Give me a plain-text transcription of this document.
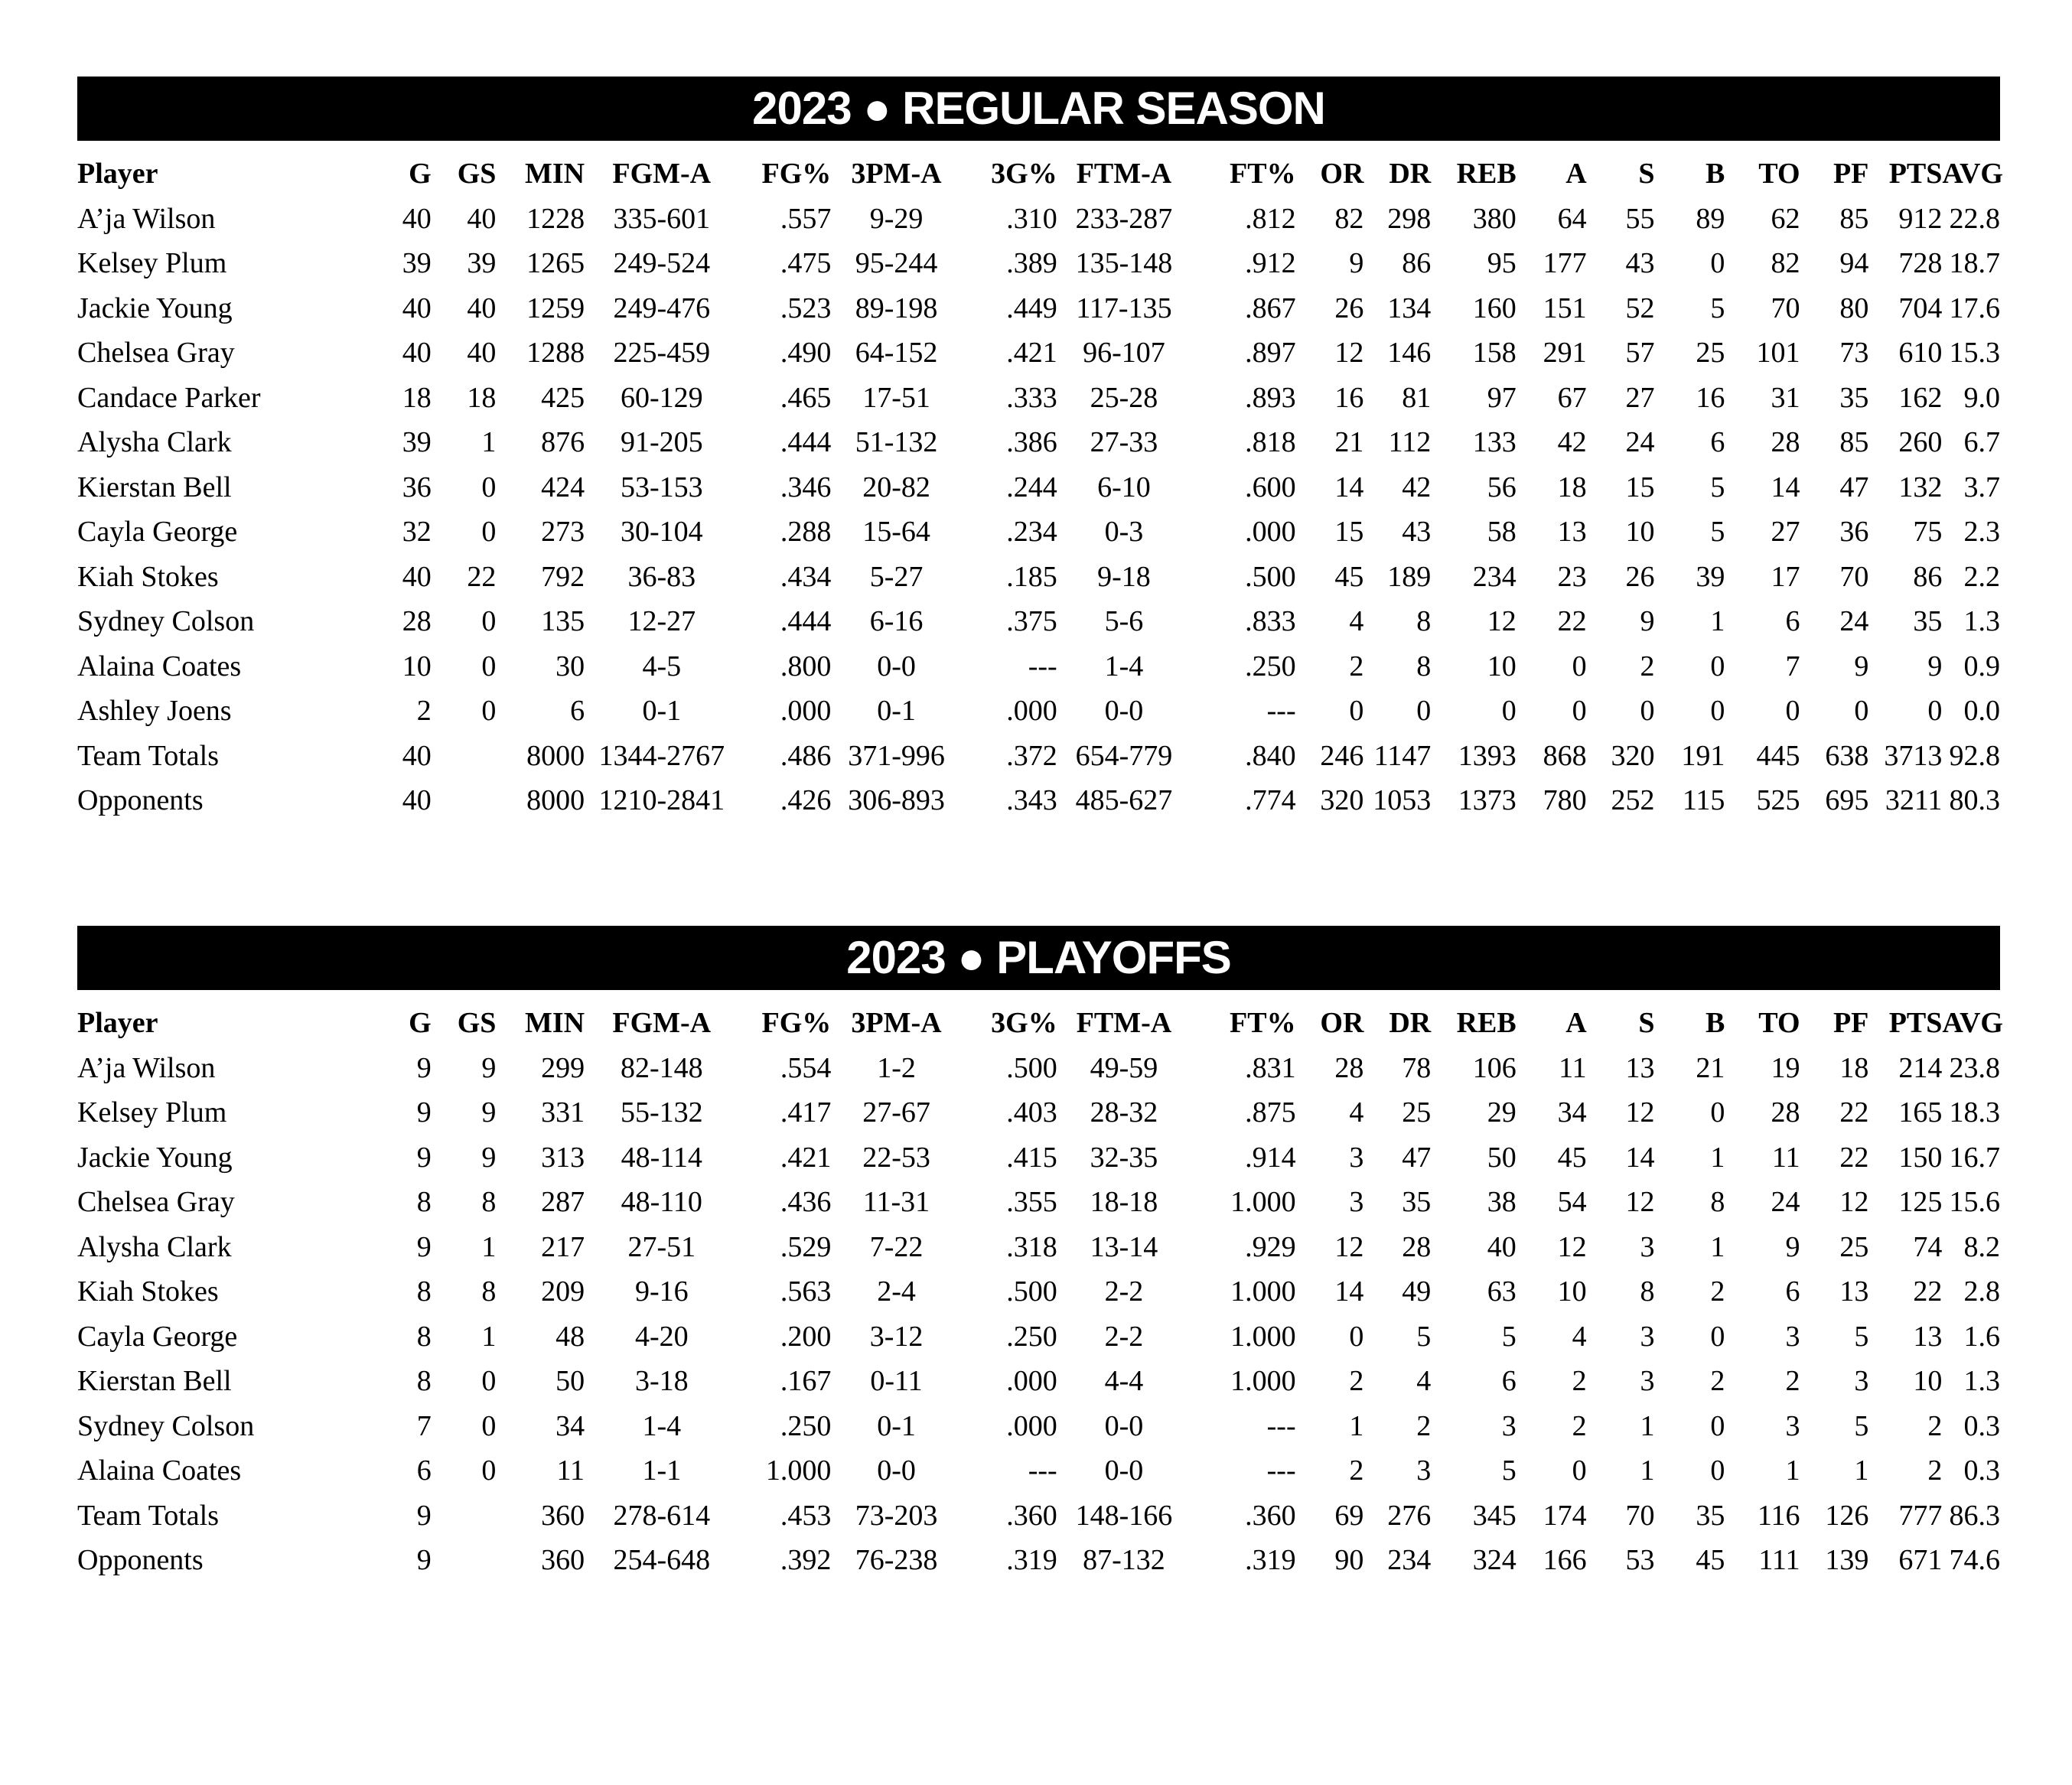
2023 ● REGULAR SEASON
Player	G	GS	MIN	FGM-A	FG%	3PM-A	3G%	FTM-A	FT%	OR	DR	REB	A	S	B	TO	PF	PTS	AVG
A’ja Wilson	40	40	1228	335-601	.557	9-29	.310	233-287	.812	82	298	380	64	55	89	62	85	912	22.8
Kelsey Plum	39	39	1265	249-524	.475	95-244	.389	135-148	.912	9	86	95	177	43	0	82	94	728	18.7
Jackie Young	40	40	1259	249-476	.523	89-198	.449	117-135	.867	26	134	160	151	52	5	70	80	704	17.6
Chelsea Gray	40	40	1288	225-459	.490	64-152	.421	96-107	.897	12	146	158	291	57	25	101	73	610	15.3
Candace Parker	18	18	425	60-129	.465	17-51	.333	25-28	.893	16	81	97	67	27	16	31	35	162	9.0
Alysha Clark	39	1	876	91-205	.444	51-132	.386	27-33	.818	21	112	133	42	24	6	28	85	260	6.7
Kierstan Bell	36	0	424	53-153	.346	20-82	.244	6-10	.600	14	42	56	18	15	5	14	47	132	3.7
Cayla George	32	0	273	30-104	.288	15-64	.234	0-3	.000	15	43	58	13	10	5	27	36	75	2.3
Kiah Stokes	40	22	792	36-83	.434	5-27	.185	9-18	.500	45	189	234	23	26	39	17	70	86	2.2
Sydney Colson	28	0	135	12-27	.444	6-16	.375	5-6	.833	4	8	12	22	9	1	6	24	35	1.3
Alaina Coates	10	0	30	4-5	.800	0-0	---	1-4	.250	2	8	10	0	2	0	7	9	9	0.9
Ashley Joens	2	0	6	0-1	.000	0-1	.000	0-0	---	0	0	0	0	0	0	0	0	0	0.0
Team Totals	40		8000	1344-2767	.486	371-996	.372	654-779	.840	246	1147	1393	868	320	191	445	638	3713	92.8
Opponents	40		8000	1210-2841	.426	306-893	.343	485-627	.774	320	1053	1373	780	252	115	525	695	3211	80.3
2023 ● PLAYOFFS
Player	G	GS	MIN	FGM-A	FG%	3PM-A	3G%	FTM-A	FT%	OR	DR	REB	A	S	B	TO	PF	PTS	AVG
A’ja Wilson	9	9	299	82-148	.554	1-2	.500	49-59	.831	28	78	106	11	13	21	19	18	214	23.8
Kelsey Plum	9	9	331	55-132	.417	27-67	.403	28-32	.875	4	25	29	34	12	0	28	22	165	18.3
Jackie Young	9	9	313	48-114	.421	22-53	.415	32-35	.914	3	47	50	45	14	1	11	22	150	16.7
Chelsea Gray	8	8	287	48-110	.436	11-31	.355	18-18	1.000	3	35	38	54	12	8	24	12	125	15.6
Alysha Clark	9	1	217	27-51	.529	7-22	.318	13-14	.929	12	28	40	12	3	1	9	25	74	8.2
Kiah Stokes	8	8	209	9-16	.563	2-4	.500	2-2	1.000	14	49	63	10	8	2	6	13	22	2.8
Cayla George	8	1	48	4-20	.200	3-12	.250	2-2	1.000	0	5	5	4	3	0	3	5	13	1.6
Kierstan Bell	8	0	50	3-18	.167	0-11	.000	4-4	1.000	2	4	6	2	3	2	2	3	10	1.3
Sydney Colson	7	0	34	1-4	.250	0-1	.000	0-0	---	1	2	3	2	1	0	3	5	2	0.3
Alaina Coates	6	0	11	1-1	1.000	0-0	---	0-0	---	2	3	5	0	1	0	1	1	2	0.3
Team Totals	9		360	278-614	.453	73-203	.360	148-166	.360	69	276	345	174	70	35	116	126	777	86.3
Opponents	9		360	254-648	.392	76-238	.319	87-132	.319	90	234	324	166	53	45	111	139	671	74.6
